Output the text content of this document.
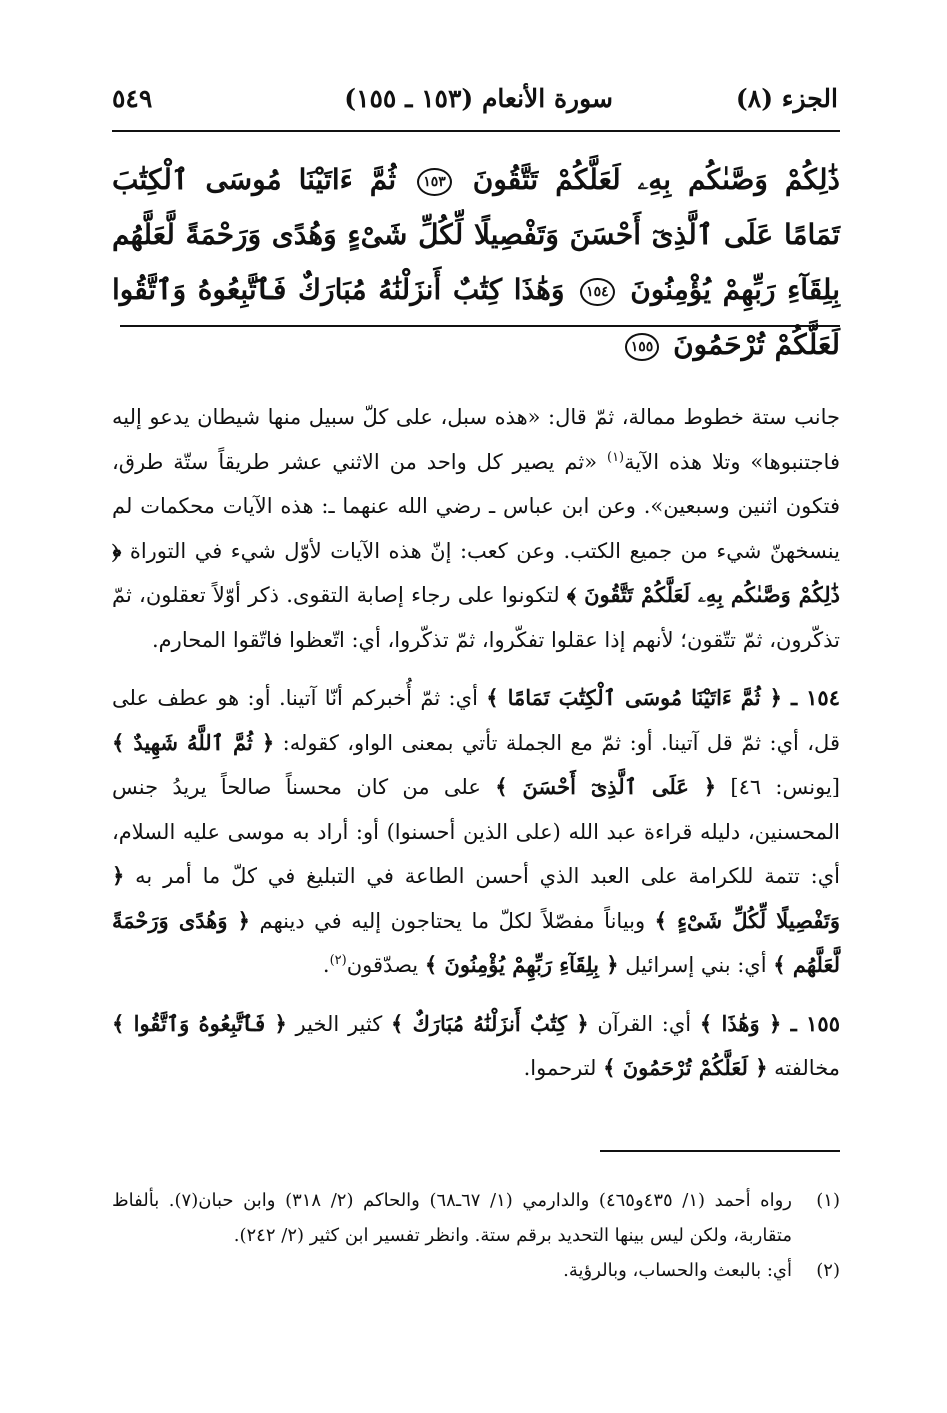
الجزء (٨)
سورة الأنعام (١٥٣ ـ ١٥٥)
٥٤٩
ذَٰلِكُمْ وَصَّىٰكُم بِهِۦ لَعَلَّكُمْ تَتَّقُونَ ١٥٣ ثُمَّ ءَاتَيْنَا مُوسَى ٱلْكِتَٰبَ تَمَامًا عَلَى ٱلَّذِىٓ أَحْسَنَ وَتَفْصِيلًا لِّكُلِّ شَىْءٍ وَهُدًى وَرَحْمَةً لَّعَلَّهُم بِلِقَآءِ رَبِّهِمْ يُؤْمِنُونَ ١٥٤ وَهَٰذَا كِتَٰبٌ أَنزَلْنَٰهُ مُبَارَكٌ فَٱتَّبِعُوهُ وَٱتَّقُوا لَعَلَّكُمْ تُرْحَمُونَ ١٥٥

جانب ستة خطوط ممالة، ثمّ قال: «هذه سبل، على كلّ سبيل منها شيطان يدعو إليه فاجتنبوها» وتلا هذه الآية$^{(١)}$ «ثم يصير كل واحد من الاثني عشر طريقاً ستّة طرق، فتكون اثنين وسبعين». وعن ابن عباس ـ رضي الله عنهما ـ: هذه الآيات محكمات لم ينسخهنّ شيء من جميع الكتب. وعن كعب: إنّ هذه الآيات لأوّل شيء في التوراة ﴿ ذَٰلِكُمْ وَصَّىٰكُم بِهِۦ لَعَلَّكُمْ تَتَّقُونَ ﴾ لتكونوا على رجاء إصابة التقوى. ذكر أوّلاً تعقلون، ثمّ تذكّرون، ثمّ تتّقون؛ لأنهم إذا عقلوا تفكّروا، ثمّ تذكّروا، أي: اتّعظوا فاتّقوا المحارم.

١٥٤ ـ ﴿ ثُمَّ ءَاتَيْنَا مُوسَى ٱلْكِتَٰبَ تَمَامًا ﴾ أي: ثمّ أُخبركم أنّا آتينا. أو: هو عطف على قل، أي: ثمّ قل آتينا. أو: ثمّ مع الجملة تأتي بمعنى الواو، كقوله: ﴿ ثُمَّ ٱللَّهُ شَهِيدٌ ﴾ [يونس: ٤٦] ﴿ عَلَى ٱلَّذِىٓ أَحْسَنَ ﴾ على من كان محسناً صالحاً يريدُ جنس المحسنين، دليله قراءة عبد الله (على الذين أحسنوا) أو: أراد به موسى عليه السلام، أي: تتمة للكرامة على العبد الذي أحسن الطاعة في التبليغ في كلّ ما أمر به ﴿ وَتَفْصِيلًا لِّكُلِّ شَىْءٍ ﴾ وبياناً مفصّلاً لكلّ ما يحتاجون إليه في دينهم ﴿ وَهُدًى وَرَحْمَةً لَّعَلَّهُم ﴾ أي: بني إسرائيل ﴿ بِلِقَآءِ رَبِّهِمْ يُؤْمِنُونَ ﴾ يصدّقون$^{(٢)}$.

١٥٥ ـ ﴿ وَهَٰذَا ﴾ أي: القرآن ﴿ كِتَٰبٌ أَنزَلْنَٰهُ مُبَارَكٌ ﴾ كثير الخير ﴿ فَٱتَّبِعُوهُ وَٱتَّقُوا ﴾ مخالفته ﴿ لَعَلَّكُمْ تُرْحَمُونَ ﴾ لترحموا.

(١)
رواه أحمد (١/ ٤٣٥و٤٦٥) والدارمي (١/ ٦٧ـ٦٨) والحاكم (٢/ ٣١٨) وابن حبان(٧). بألفاظ متقاربة، ولكن ليس بينها التحديد برقم ستة. وانظر تفسير ابن كثير (٢/ ٢٤٢).
(٢)
أي: بالبعث والحساب، وبالرؤية.
